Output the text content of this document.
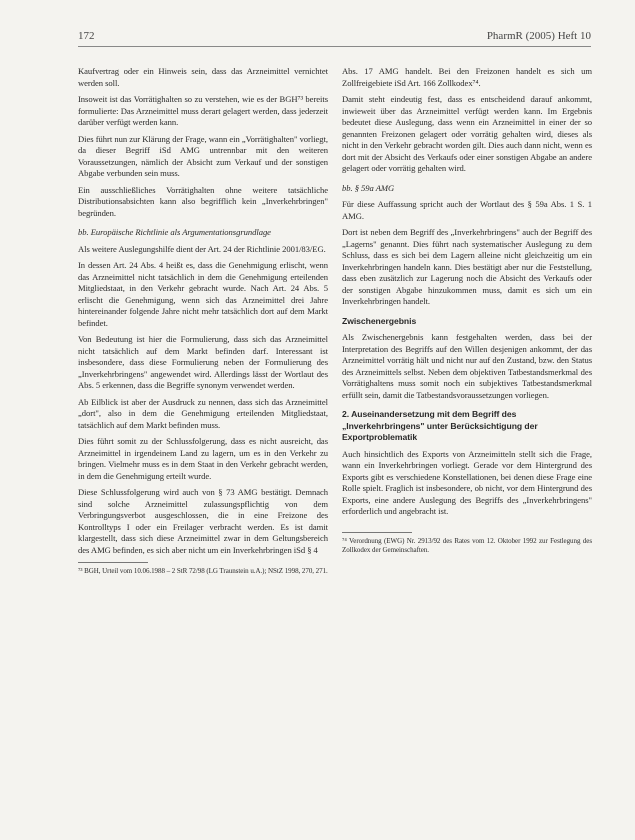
172	PharmR (2005) Heft 10

Kaufvertrag oder ein Hinweis sein, dass das Arzneimittel vernichtet werden soll.

Insoweit ist das Vorrätighalten so zu verstehen, wie es der BGH⁷³ bereits formulierte: Das Arzneimittel muss derart gelagert werden, dass jederzeit darüber verfügt werden kann.

Dies führt nun zur Klärung der Frage, wann ein „Vorrätighalten" vorliegt, da dieser Begriff iSd AMG untrennbar mit den weiteren Voraussetzungen, nämlich der Absicht zum Verkauf und der sonstigen Abgabe verbunden sein muss.

Ein ausschließliches Vorrätighalten ohne weitere tatsächliche Distributionsabsichten kann also begrifflich kein „Inverkehrbringen" begründen.

bb. Europäische Richtlinie als Argumentationsgrundlage

Als weitere Auslegungshilfe dient der Art. 24 der Richtlinie 2001/83/EG.

In dessen Art. 24 Abs. 4 heißt es, dass die Genehmigung erlischt, wenn das Arzneimittel nicht tatsächlich in dem die Genehmigung erteilenden Mitgliedstaat, in den Verkehr gebracht wurde. Nach Art. 24 Abs. 5 erlischt die Genehmigung, wenn sich das Arzneimittel drei Jahre hintereinander folgende Jahre nicht mehr tatsächlich dort auf dem Markt befindet.

Von Bedeutung ist hier die Formulierung, dass sich das Arzneimittel nicht tatsächlich auf dem Markt befinden darf. Interessant ist insbesondere, dass diese Formulierung neben der Formulierung des „Inverkehrbringens" angewendet wird. Allerdings lässt der Wortlaut des Abs. 5 erkennen, dass die Begriffe synonym verwendet werden.

Ab Eilblick ist aber der Ausdruck zu nennen, dass sich das Arzneimittel „dort", also in dem die Genehmigung erteilenden Mitgliedstaat, tatsächlich auf dem Markt befinden muss.

Dies führt somit zu der Schlussfolgerung, dass es nicht ausreicht, das Arzneimittel in irgendeinem Land zu lagern, um es in den Verkehr zu bringen. Vielmehr muss es in dem Staat in den Verkehr gebracht werden, in dem die Genehmigung erteilt wurde.

Diese Schlussfolgerung wird auch von § 73 AMG bestätigt. Demnach sind solche Arzneimittel zulassungspflichtig von dem Verbringungsverbot ausgeschlossen, die in eine Freizone des Kontrolltyps I oder ein Freilager verbracht werden. Es ist damit klargestellt, dass sich diese Arzneimittel zwar in dem Geltungsbereich des AMG befinden, es sich aber nicht um ein Inverkehrbringen iSd § 4

⁷³ BGH, Urteil vom 10.06.1988 – 2 StR 72/98 (LG Traunstein u.A.); NStZ 1998, 270, 271.

Abs. 17 AMG handelt. Bei den Freizonen handelt es sich um Zollfreigebiete iSd Art. 166 Zollkodex⁷⁴.

Damit steht eindeutig fest, dass es entscheidend darauf ankommt, inwieweit über das Arzneimittel verfügt werden kann. Im Ergebnis bedeutet diese Auslegung, dass wenn ein Arzneimittel in einer der so genannten Freizonen gelagert oder vorrätig gehalten wird, dieses als nicht in den Verkehr gebracht worden gilt. Dies auch dann nicht, wenn es dort mit der Absicht des Verkaufs oder einer sonstigen Abgabe an andere gelagert oder vorrätig gehalten wird.

bb. § 59a AMG

Für diese Auffassung spricht auch der Wortlaut des § 59a Abs. 1 S. 1 AMG.

Dort ist neben dem Begriff des „Inverkehrbringens" auch der Begriff des „Lagerns" genannt. Dies führt nach systematischer Auslegung zu dem Schluss, dass es sich bei dem Lagern alleine nicht gleichzeitig um ein Inverkehrbringen handeln kann. Dies bestätigt aber nur die Feststellung, dass eben zusätzlich zur Lagerung noch die Absicht des Verkaufs oder der sonstigen Abgabe hinzukommen muss, damit es sich um ein Inverkehrbringen handelt.

Zwischenergebnis

Als Zwischenergebnis kann festgehalten werden, dass bei der Interpretation des Begriffs auf den Willen desjenigen ankommt, der das Arzneimittel vorrätig hält und nicht nur auf den Zustand, bzw. den Status des Arzneimittels selbst. Neben dem objektiven Tatbestandsmerkmal des Vorrätighaltens muss somit noch ein subjektives Tatbestandsmerkmal erfüllt sein, damit die Tatbestandsvoraussetzungen vorliegen.

2. Auseinandersetzung mit dem Begriff des
„Inverkehrbringens" unter Berücksichtigung der
Exportproblematik

Auch hinsichtlich des Exports von Arzneimitteln stellt sich die Frage, wann ein Inverkehrbringen vorliegt. Gerade vor dem Hintergrund des Exports gibt es verschiedene Konstellationen, bei denen diese Frage eine Rolle spielt. Fraglich ist insbesondere, ob nicht, vor dem Hintergrund des Exports, eine andere Auslegung des Begriffs des „Inverkehrbringens" erforderlich und angebracht ist.

⁷⁴ Verordnung (EWG) Nr. 2913/92 des Rates vom 12. Oktober 1992 zur Festlegung des Zollkodex der Gemeinschaften.
